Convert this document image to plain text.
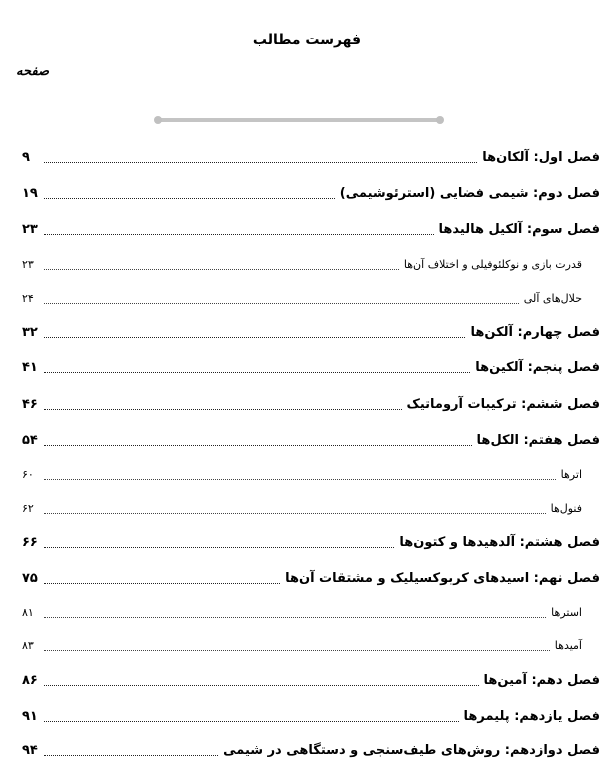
فهرست مطالب
صفحه
فصل اول: آلکان‌ها
۹
فصل دوم: شیمی فضایی (استرئوشیمی)
۱۹
فصل سوم: آلکیل هالیدها
۲۳
قدرت بازی و نوکلئوفیلی و اختلاف آن‌ها
۲۳
حلال‌های آلی
۲۴
فصل چهارم: آلکن‌ها
۳۲
فصل پنجم: آلکین‌ها
۴۱
فصل ششم: ترکیبات آروماتیک
۴۶
فصل هفتم: الکل‌ها
۵۴
اترها
۶۰
فنول‌ها
۶۲
فصل هشتم: آلدهیدها و کتون‌ها
۶۶
فصل نهم: اسیدهای کربوکسیلیک و مشتقات آن‌ها
۷۵
استرها
۸۱
آمیدها
۸۳
فصل دهم: آمین‌ها
۸۶
فصل یازدهم: پلیمرها
۹۱
فصل دوازدهم: روش‌های طیف‌سنجی و دستگاهی در شیمی
۹۴
